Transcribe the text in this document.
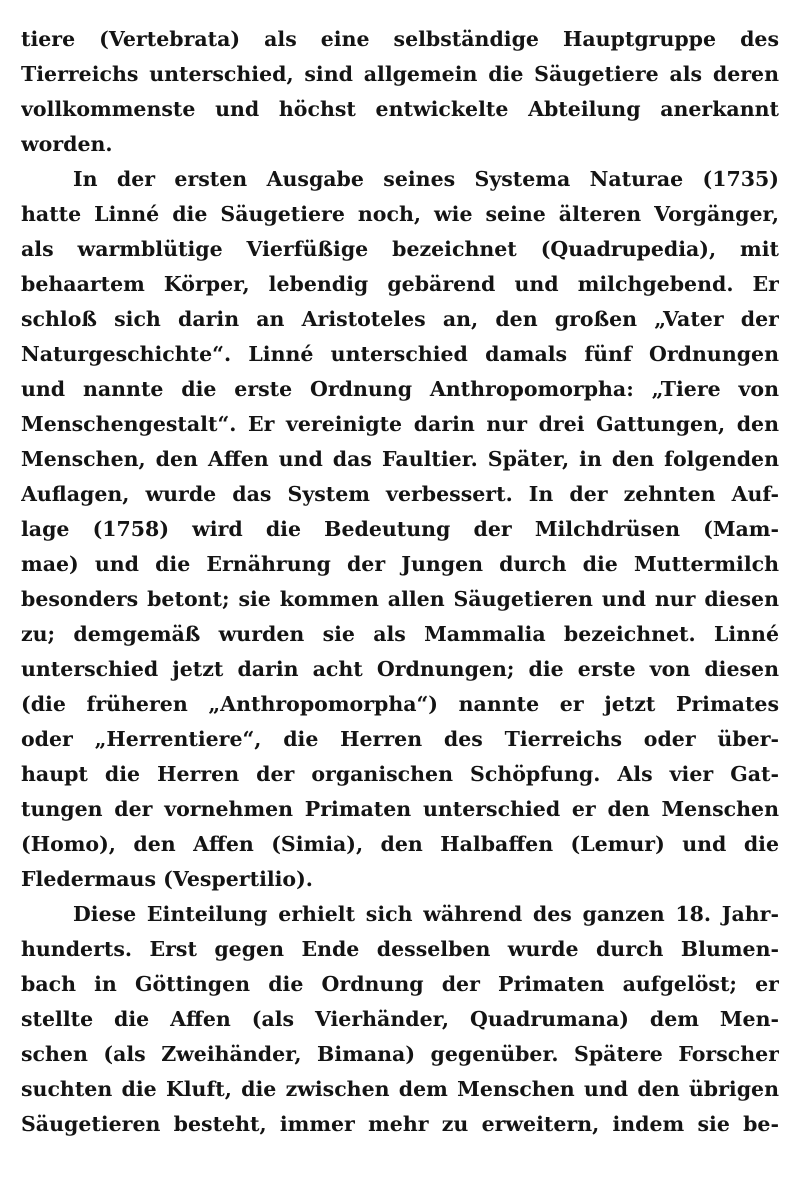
tiere (Vertebrata) als eine selbständige Hauptgruppe des
Tierreichs unterschied, sind allgemein die Säugetiere als deren
vollkommenste und höchst entwickelte Abteilung anerkannt
worden.
In der ersten Ausgabe seines Systema Naturae (1735)
hatte Linné die Säugetiere noch, wie seine älteren Vorgänger,
als warmblütige Vierfüßige bezeichnet (Quadrupedia), mit
behaartem Körper, lebendig gebärend und milchgebend. Er
schloß sich darin an Aristoteles an, den großen „Vater der
Naturgeschichte“. Linné unterschied damals fünf Ordnungen
und nannte die erste Ordnung Anthropomorpha: „Tiere von
Menschengestalt“. Er vereinigte darin nur drei Gattungen, den
Menschen, den Affen und das Faultier. Später, in den folgenden
Auflagen, wurde das System verbessert. In der zehnten Auf-
lage (1758) wird die Bedeutung der Milchdrüsen (Mam-
mae) und die Ernährung der Jungen durch die Muttermilch
besonders betont; sie kommen allen Säugetieren und nur diesen
zu; demgemäß wurden sie als Mammalia bezeichnet. Linné
unterschied jetzt darin acht Ordnungen; die erste von diesen
(die früheren „Anthropomorpha“) nannte er jetzt Primates
oder „Herrentiere“, die Herren des Tierreichs oder über-
haupt die Herren der organischen Schöpfung. Als vier Gat-
tungen der vornehmen Primaten unterschied er den Menschen
(Homo), den Affen (Simia), den Halbaffen (Lemur) und die
Fledermaus (Vespertilio).
Diese Einteilung erhielt sich während des ganzen 18. Jahr-
hunderts. Erst gegen Ende desselben wurde durch Blumen-
bach in Göttingen die Ordnung der Primaten aufgelöst; er
stellte die Affen (als Vierhänder, Quadrumana) dem Men-
schen (als Zweihänder, Bimana) gegenüber. Spätere Forscher
suchten die Kluft, die zwischen dem Menschen und den übrigen
Säugetieren besteht, immer mehr zu erweitern, indem sie be-
